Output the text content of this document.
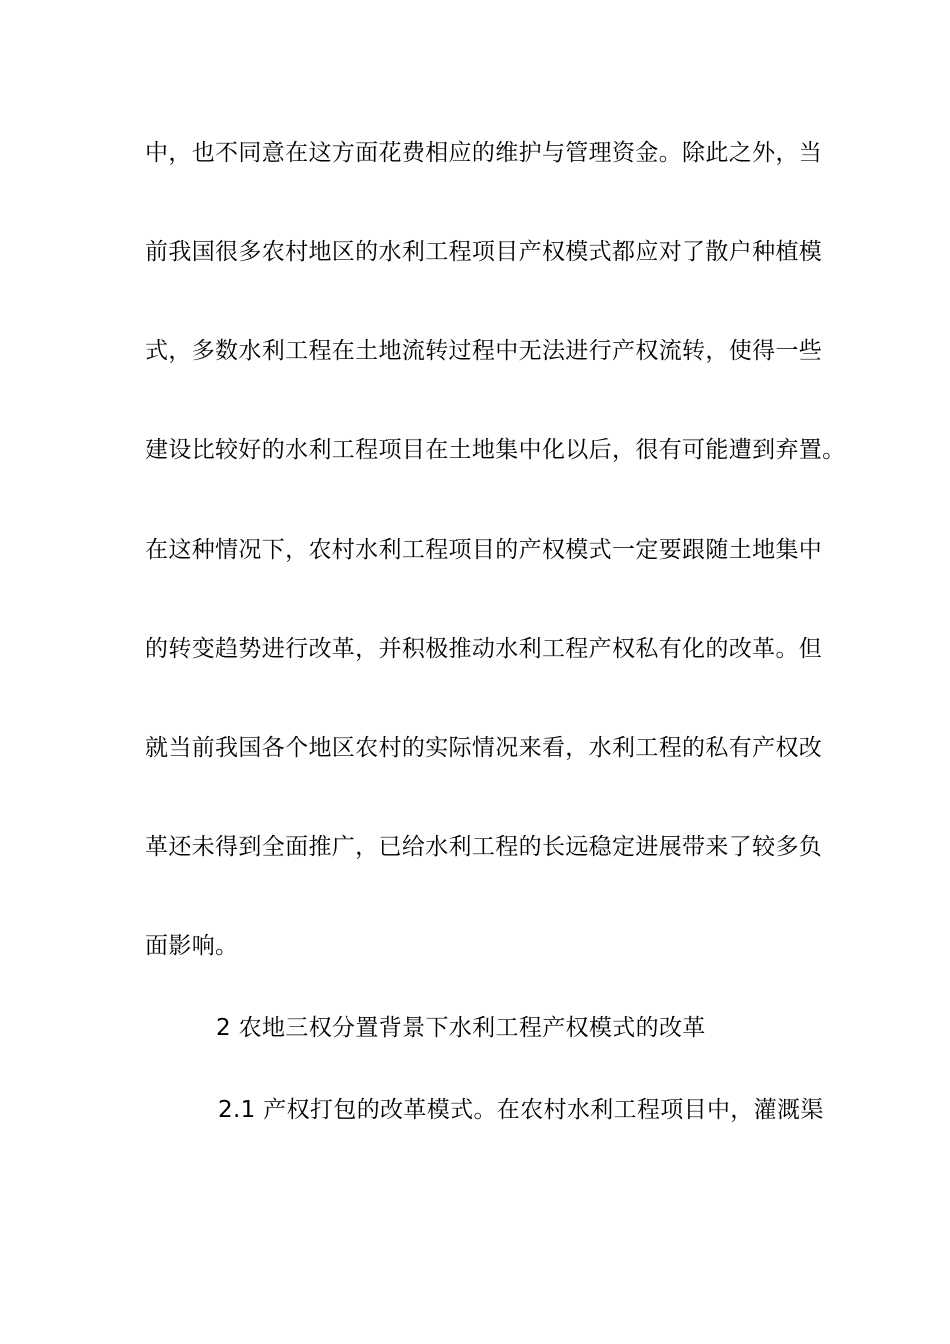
中，也不同意在这方面花费相应的维护与管理资金。除此之外，当
前我国很多农村地区的水利工程项目产权模式都应对了散户种植模
式，多数水利工程在土地流转过程中无法进行产权流转，使得一些
建设比较好的水利工程项目在土地集中化以后，很有可能遭到弃置。
在这种情况下，农村水利工程项目的产权模式一定要跟随土地集中
的转变趋势进行改革，并积极推动水利工程产权私有化的改革。但
就当前我国各个地区农村的实际情况来看，水利工程的私有产权改
革还未得到全面推广，已给水利工程的长远稳定进展带来了较多负
面影响。
2 农地三权分置背景下水利工程产权模式的改革
2.1 产权打包的改革模式。在农村水利工程项目中，灌溉渠
